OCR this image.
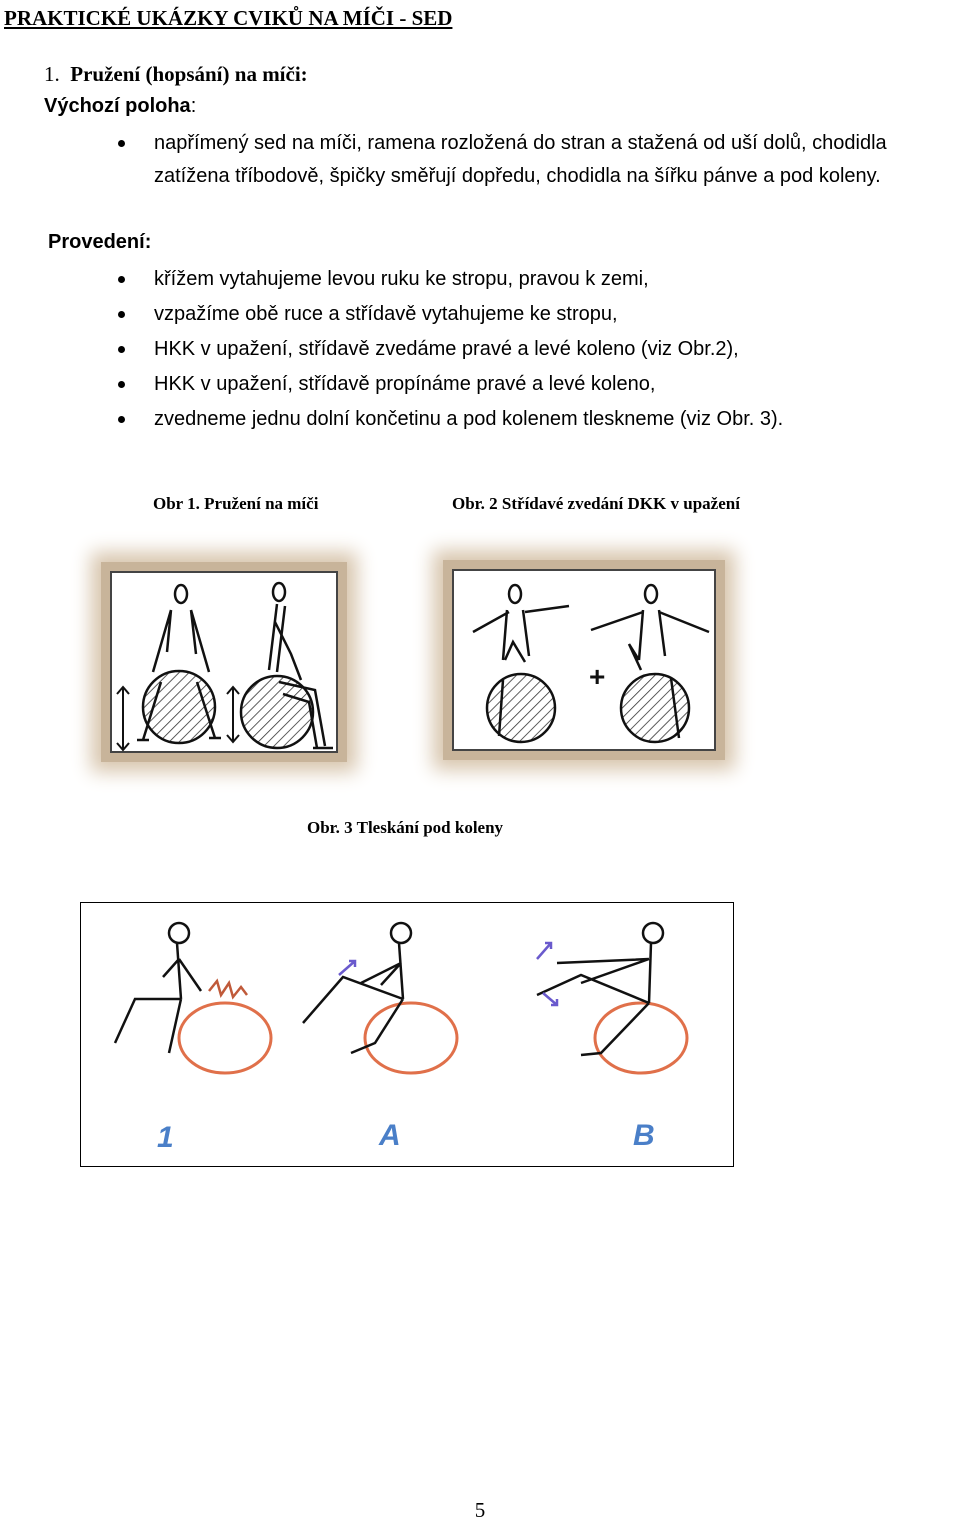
PRAKTICKÉ UKÁZKY CVIKŮ NA MÍČI - SED
1. Pružení (hopsání) na míči:
Výchozí poloha:
napřímený sed na míči, ramena rozložená do stran a stažená od uší dolů, chodidla zatížena tříbodově, špičky směřují dopředu, chodidla na šířku pánve a pod koleny.
Provedení:
křížem vytahujeme levou ruku ke stropu, pravou k zemi,
vzpažíme obě ruce a střídavě vytahujeme ke stropu,
HKK v upažení, střídavě zvedáme pravé a levé koleno (viz Obr.2),
HKK v upažení, střídavě propínáme pravé a levé koleno,
zvedneme jednu dolní končetinu a pod kolenem tleskneme (viz Obr. 3).
Obr 1. Pružení na míči	Obr. 2 Střídavé zvedání DKK v upažení
+
Obr. 3 Tleskání pod koleny
1	A	B
5
